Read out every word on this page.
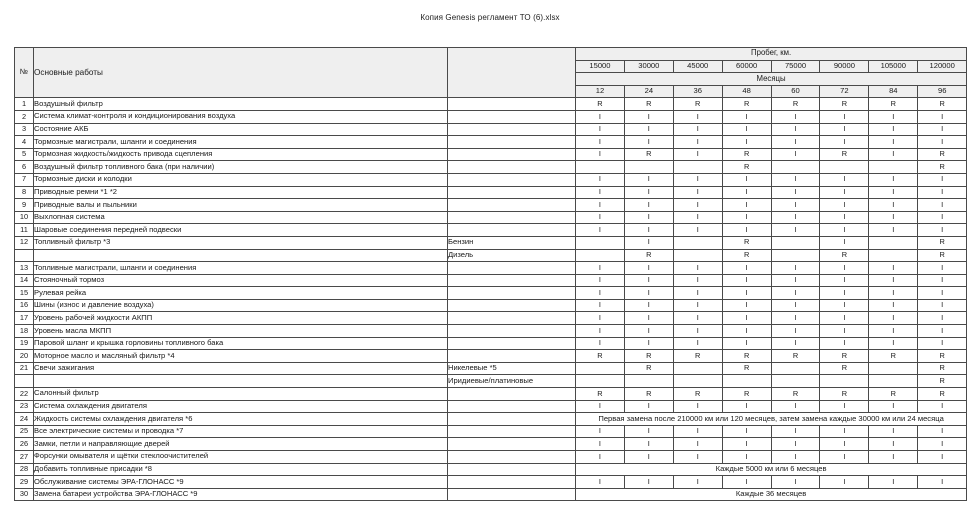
Копия Genesis регламент ТО (6).xlsx
№	Основные работы		Пробег, км.							
			15000	30000	45000	60000	75000	90000	105000	120000
			Месяцы							
			12	24	36	48	60	72	84	96
1	Воздушный фильтр		R	R	R	R	R	R	R	R
2	Система климат-контроля и кондиционирования воздуха		I	I	I	I	I	I	I	I
3	Состояние АКБ		I	I	I	I	I	I	I	I
4	Тормозные магистрали, шланги и соединения		I	I	I	I	I	I	I	I
5	Тормозная жидкость/жидкость привода сцепления		I	R	I	R	I	R	I	R
6	Воздушный фильтр топливного бака (при наличии)					R				R
7	Тормозные диски и колодки		I	I	I	I	I	I	I	I
8	Приводные ремни *1 *2		I	I	I	I	I	I	I	I
9	Приводные валы и пыльники		I	I	I	I	I	I	I	I
10	Выхлопная система		I	I	I	I	I	I	I	I
11	Шаровые соединения передней подвески		I	I	I	I	I	I	I	I
12	Топливный фильтр *3	Бензин		I		R		I		R
		Дизель		R		R		R		R
13	Топливные магистрали, шланги и соединения		I	I	I	I	I	I	I	I
14	Стояночный тормоз		I	I	I	I	I	I	I	I
15	Рулевая рейка		I	I	I	I	I	I	I	I
16	Шины (износ и давление воздуха)		I	I	I	I	I	I	I	I
17	Уровень рабочей жидкости АКПП		I	I	I	I	I	I	I	I
18	Уровень масла МКПП		I	I	I	I	I	I	I	I
19	Паровой шланг и крышка горловины топливного бака		I	I	I	I	I	I	I	I
20	Моторное масло и масляный фильтр *4		R	R	R	R	R	R	R	R
21	Свечи зажигания	Никелевые *5		R		R		R		R
		Иридиевые/платиновые								R
22	Салонный фильтр		R	R	R	R	R	R	R	R
23	Система охлаждения двигателя		I	I	I	I	I	I	I	I
24	Жидкость системы охлаждения двигателя *6		Первая замена после 210000 км или 120 месяцев, затем замена каждые 30000 км или 24 месяца							
25	Все электрические системы и проводка *7		I	I	I	I	I	I	I	I
26	Замки, петли и направляющие дверей		I	I	I	I	I	I	I	I
27	Форсунки омывателя и щётки стеклоочистителей		I	I	I	I	I	I	I	I
28	Добавить топливные присадки *8		Каждые 5000 км или 6 месяцев							
29	Обслуживание системы ЭРА-ГЛОНАСС *9		I	I	I	I	I	I	I	I
30	Замена батареи устройства ЭРА-ГЛОНАСС *9		Каждые 36 месяцев							
